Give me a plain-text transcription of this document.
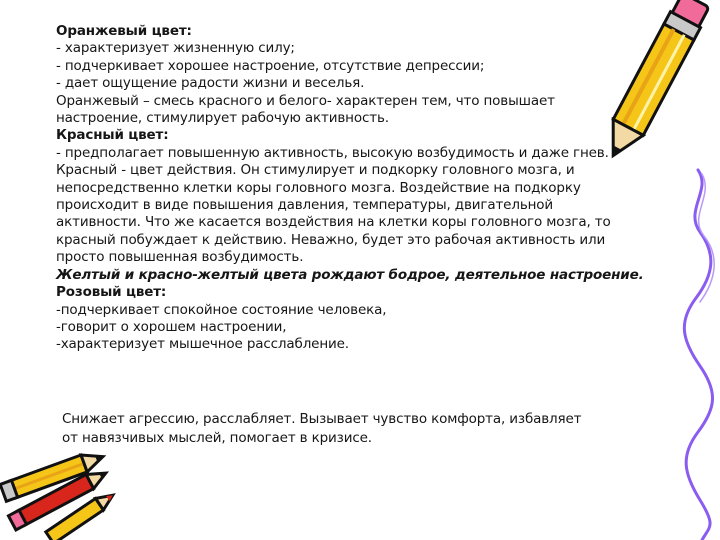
Оранжевый цвет:
- характеризует жизненную силу;
- подчеркивает хорошее настроение, отсутствие депрессии;
- дает ощущение радости жизни и веселья.
Оранжевый – смесь красного и белого- характерен тем, что повышает
настроение, стимулирует рабочую активность.
Красный цвет:
- предполагает повышенную активность, высокую возбудимость и даже гнев.
Красный - цвет действия. Он стимулирует и подкорку головного мозга, и
непосредственно клетки коры головного мозга. Воздействие на подкорку
происходит в виде повышения давления, температуры, двигательной
активности. Что же касается воздействия на клетки коры головного мозга, то
красный побуждает к действию. Неважно, будет это рабочая активность или
просто повышенная возбудимость.
Желтый и красно-желтый цвета рождают бодрое, деятельное настроение.
Розовый цвет:
-подчеркивает спокойное состояние человека,
-говорит о хорошем настроении,
-характеризует мышечное расслабление.
Снижает агрессию, расслабляет. Вызывает чувство комфорта, избавляет
от навязчивых мыслей, помогает в кризисе.
